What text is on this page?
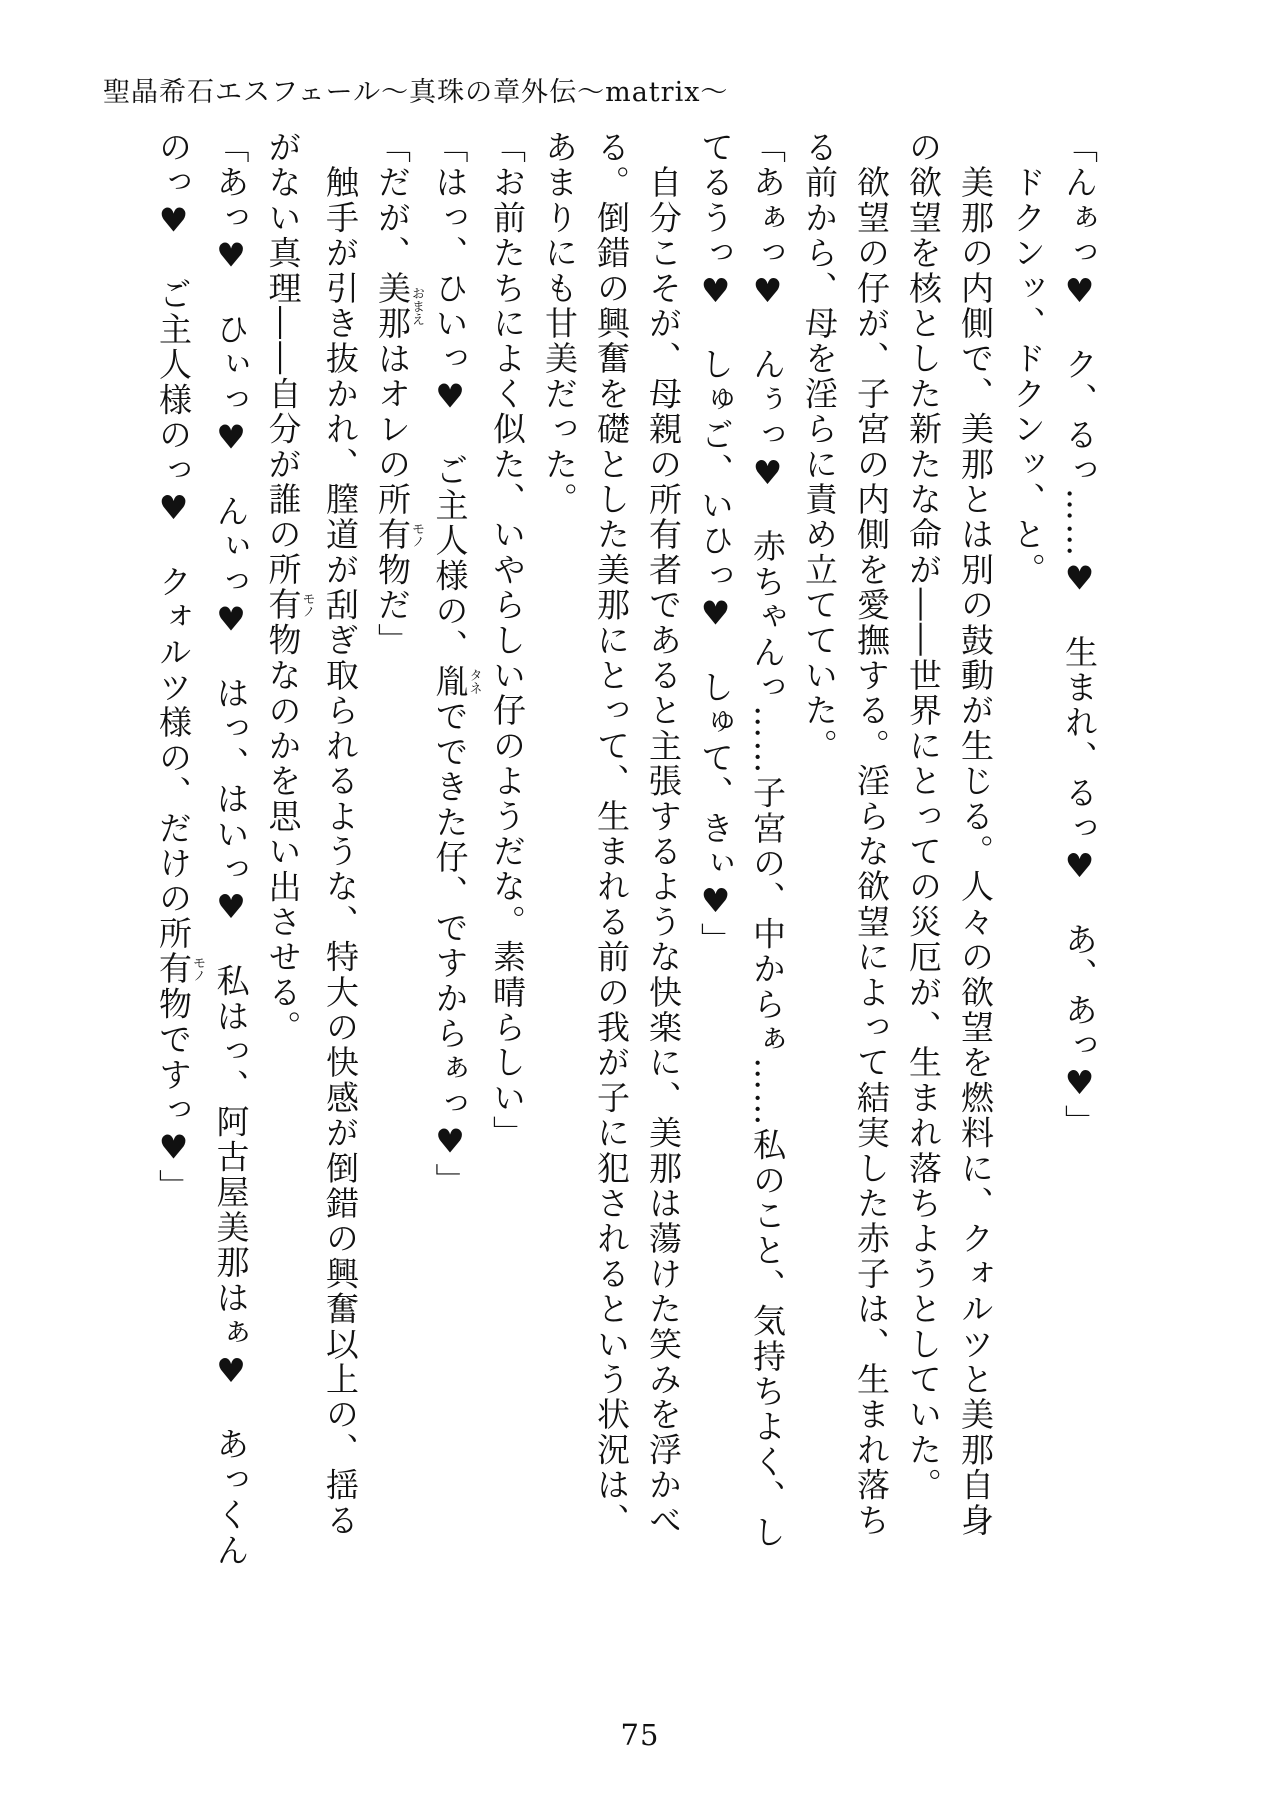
聖晶希石エスフェール～真珠の章外伝～matrix～
「んぁっ♥　ク、るっ……♥　生まれ、るっ♥　あ、あっ♥」
　ドクンッ、ドクンッ、と。
　美那の内側で、美那とは別の鼓動が生じる。人々の欲望を燃料に、クォルツと美那自身
の欲望を核とした新たな命が――世界にとっての災厄が、生まれ落ちようとしていた。
　欲望の仔が、子宮の内側を愛撫する。淫らな欲望によって結実した赤子は、生まれ落ち
る前から、母を淫らに責め立てていた。
「あぁっ♥　んぅっ♥　赤ちゃんっ……子宮の、中からぁ……私のこと、気持ちよく、し
てるうっ♥　しゅご、いひっ♥　しゅて、きぃ♥」
　自分こそが、母親の所有者であると主張するような快楽に、美那は蕩けた笑みを浮かべ
る。倒錯の興奮を礎とした美那にとって、生まれる前の我が子に犯されるという状況は、
あまりにも甘美だった。
「お前たちによく似た、いやらしい仔のようだな。素晴らしい」
「はっ、ひいっ♥　ご主人様の、胤タネでできた仔、ですからぁっ♥」
「だが、美那おまえはオレの所有物モノだ」
　触手が引き抜かれ、膣道が刮ぎ取られるような、特大の快感が倒錯の興奮以上の、揺る
がない真理――自分が誰の所有物モノなのかを思い出させる。
「あっ♥　ひぃっ♥　んぃっ♥　はっ、はいっ♥　私はっ、阿古屋美那はぁ♥　あっくん
のっ♥　ご主人様のっ♥　クォルツ様の、だけの所有物モノですっ♥」
75
